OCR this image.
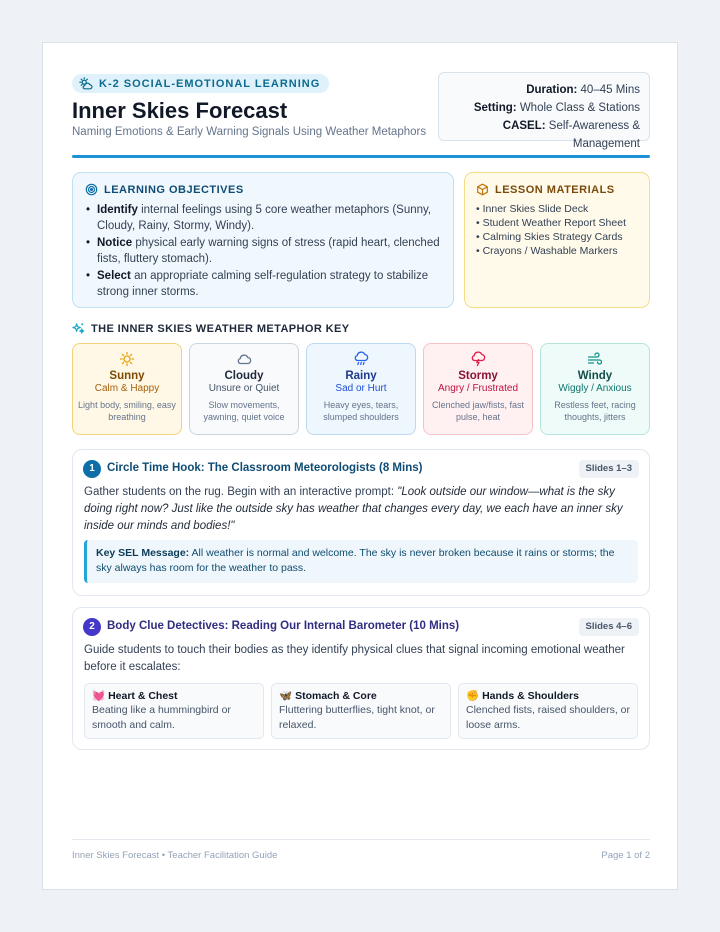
K-2 SOCIAL-EMOTIONAL LEARNING
Inner Skies Forecast
Naming Emotions & Early Warning Signals Using Weather Metaphors
Duration: 40–45 Mins
Setting: Whole Class & Stations
CASEL: Self-Awareness & Management
LEARNING OBJECTIVES
• Identify internal feelings using 5 core weather metaphors (Sunny, Cloudy, Rainy, Stormy, Windy).
• Notice physical early warning signs of stress (rapid heart, clenched fists, fluttery stomach).
• Select an appropriate calming self-regulation strategy to stabilize strong inner storms.
LESSON MATERIALS
• Inner Skies Slide Deck
• Student Weather Report Sheet
• Calming Skies Strategy Cards
• Crayons / Washable Markers
THE INNER SKIES WEATHER METAPHOR KEY
Sunny
Calm & Happy
Light body, smiling, easy breathing
Cloudy
Unsure or Quiet
Slow movements, yawning, quiet voice
Rainy
Sad or Hurt
Heavy eyes, tears, slumped shoulders
Stormy
Angry / Frustrated
Clenched jaw/fists, fast pulse, heat
Windy
Wiggly / Anxious
Restless feet, racing thoughts, jitters
1	Circle Time Hook: The Classroom Meteorologists (8 Mins)	Slides 1–3
Gather students on the rug. Begin with an interactive prompt: "Look outside our window—what is the sky doing right now? Just like the outside sky has weather that changes every day, we each have an inner sky inside our minds and bodies!"
Key SEL Message: All weather is normal and welcome. The sky is never broken because it rains or storms; the sky always has room for the weather to pass.
2	Body Clue Detectives: Reading Our Internal Barometer (10 Mins)	Slides 4–6
Guide students to touch their bodies as they identify physical clues that signal incoming emotional weather before it escalates:
💓 Heart & Chest
Beating like a hummingbird or smooth and calm.
🦋 Stomach & Core
Fluttering butterflies, tight knot, or relaxed.
✊ Hands & Shoulders
Clenched fists, raised shoulders, or loose arms.
Inner Skies Forecast • Teacher Facilitation Guide	Page 1 of 2
